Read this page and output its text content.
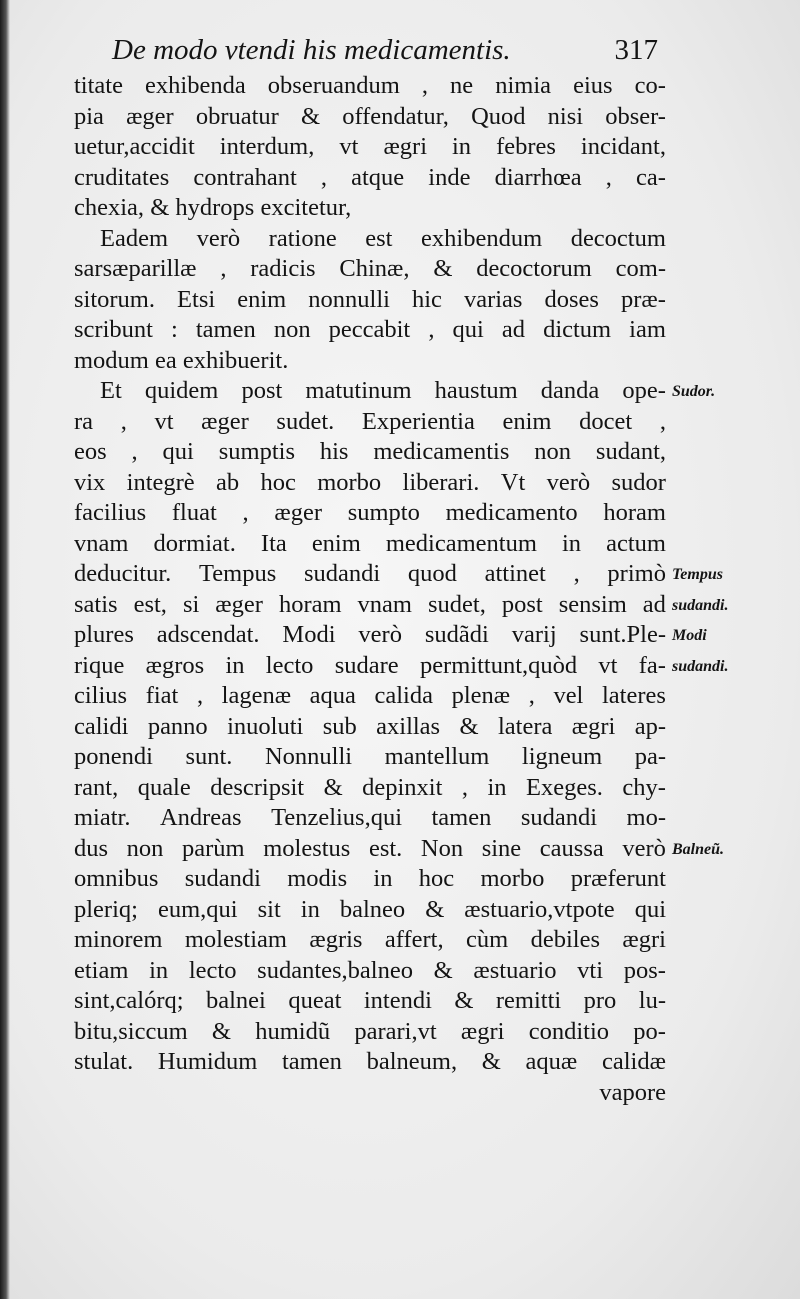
De modo vtendi his medicamentis.	317
titate exhibenda obseruandum , ne nimia eius co-
pia æger obruatur & offendatur, Quod nisi obser-
uetur,accidit interdum, vt ægri in febres incidant,
cruditates contrahant , atque inde diarrhœa , ca-
chexia, & hydrops excitetur,
Eadem verò ratione est exhibendum decoctum
sarsæparillæ , radicis Chinæ, & decoctorum com-
sitorum. Etsi enim nonnulli hic varias doses præ-
scribunt : tamen non peccabit , qui ad dictum iam
modum ea exhibuerit.
Et quidem post matutinum haustum danda ope-
ra , vt æger sudet. Experientia enim docet ,
eos , qui sumptis his medicamentis non sudant,
vix integrè ab hoc morbo liberari. Vt verò sudor
facilius fluat , æger sumpto medicamento horam
vnam dormiat. Ita enim medicamentum in actum
deducitur. Tempus sudandi quod attinet , primò
satis est, si æger horam vnam sudet, post sensim ad
plures adscendat. Modi verò sudãdi varij sunt.Ple-
rique ægros in lecto sudare permittunt,quòd vt fa-
cilius fiat , lagenæ aqua calida plenæ , vel lateres
calidi panno inuoluti sub axillas & latera ægri ap-
ponendi sunt. Nonnulli mantellum ligneum pa-
rant, quale descripsit & depinxit , in Exeges. chy-
miatr. Andreas Tenzelius,qui tamen sudandi mo-
dus non parùm molestus est. Non sine caussa verò
omnibus sudandi modis in hoc morbo præferunt
pleriq; eum,qui sit in balneo & æstuario,vtpote qui
minorem molestiam ægris affert, cùm debiles ægri
etiam in lecto sudantes,balneo & æstuario vti pos-
sint,calórq; balnei queat intendi & remitti pro lu-
bitu,siccum & humidũ parari,vt ægri conditio po-
stulat. Humidum tamen balneum, & aquæ calidæ
vapore
Sudor.
Tempus
sudandi.
Modi
sudandi.
Balneũ.
